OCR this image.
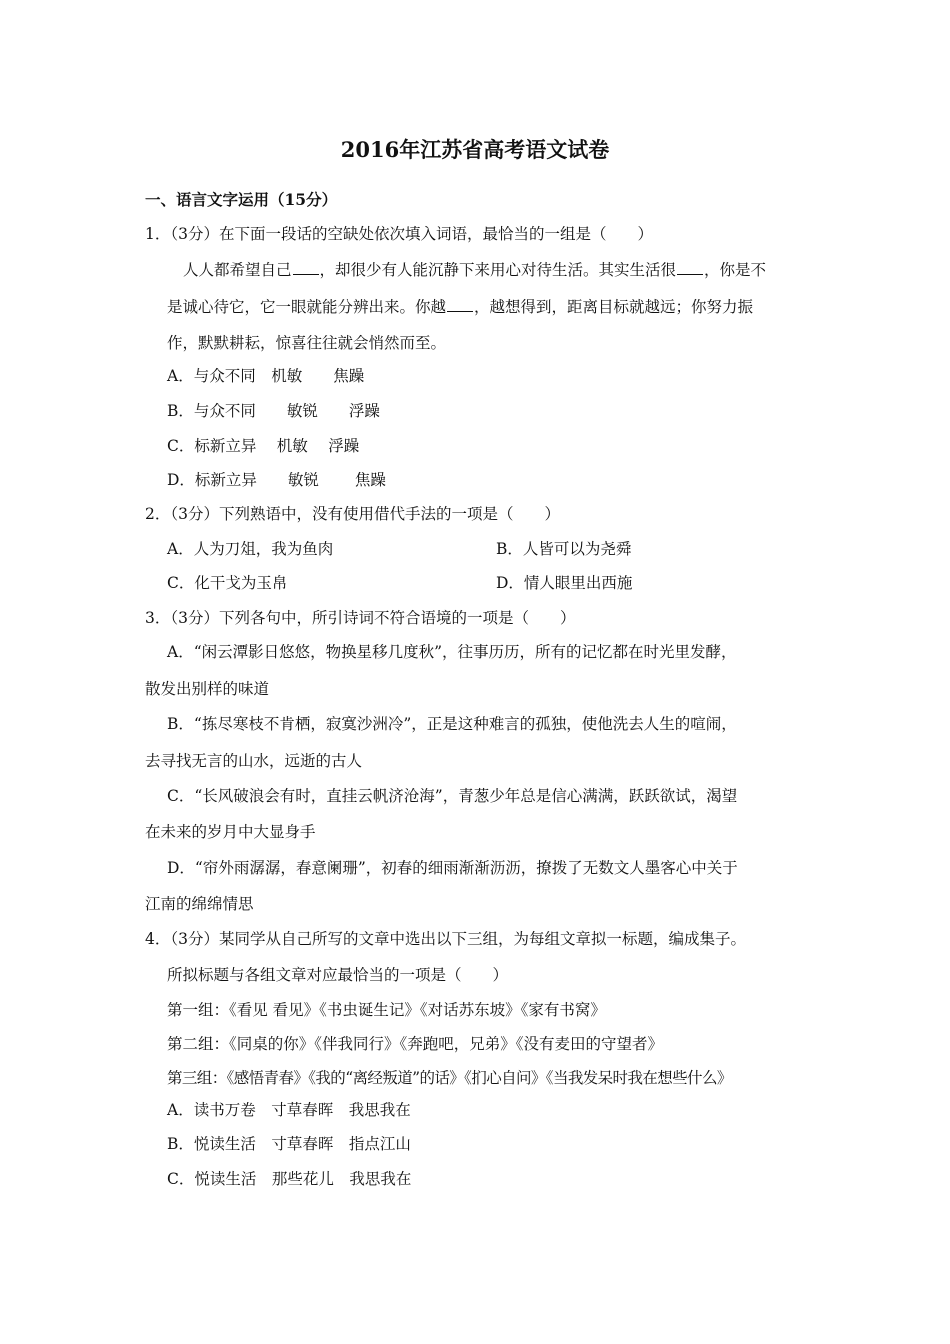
2016年江苏省高考语文试卷
一、语言文字运用（15分）
1．（3分）在下面一段话的空缺处依次填入词语，最恰当的一组是（　　）
人人都希望自己 ，却很少有人能沉静下来用心对待生活。其实生活很 ，你是不
是诚心待它，它一眼就能分辨出来。你越 ，越想得到，距离目标就越远；你努力振
作，默默耕耘，惊喜往往就会悄然而至。
A．与众不同　机敏　　焦躁
B．与众不同　　敏锐　　浮躁
C．标新立异　 机敏　 浮躁
D．标新立异　　敏锐　　 焦躁
2．（3分）下列熟语中，没有使用借代手法的一项是（　　）
A．人为刀俎，我为鱼肉	B．人皆可以为尧舜
C．化干戈为玉帛	D．情人眼里出西施
3．（3分）下列各句中，所引诗词不符合语境的一项是（　　）
A．“闲云潭影日悠悠，物换星移几度秋”，往事历历，所有的记忆都在时光里发酵，
散发出别样的味道
B．“拣尽寒枝不肯栖，寂寞沙洲冷”，正是这种难言的孤独，使他洗去人生的喧闹，
去寻找无言的山水，远逝的古人
C．“长风破浪会有时，直挂云帆济沧海”，青葱少年总是信心满满，跃跃欲试，渴望
在未来的岁月中大显身手
D．“帘外雨潺潺，春意阑珊”，初春的细雨渐渐沥沥，撩拨了无数文人墨客心中关于
江南的绵绵情思
4．（3分）某同学从自己所写的文章中选出以下三组，为每组文章拟一标题，编成集子。
所拟标题与各组文章对应最恰当的一项是（　　）
第一组：《看见 看见》《书虫诞生记》《对话苏东坡》《家有书窝》
第二组：《同桌的你》《伴我同行》《奔跑吧，兄弟》《没有麦田的守望者》
第三组：《感悟青春》《我的“离经叛道”的话》《扪心自问》《当我发呆时我在想些什么》
A．读书万卷　寸草春晖　我思我在
B．悦读生活　寸草春晖　指点江山
C．悦读生活　那些花儿　我思我在
